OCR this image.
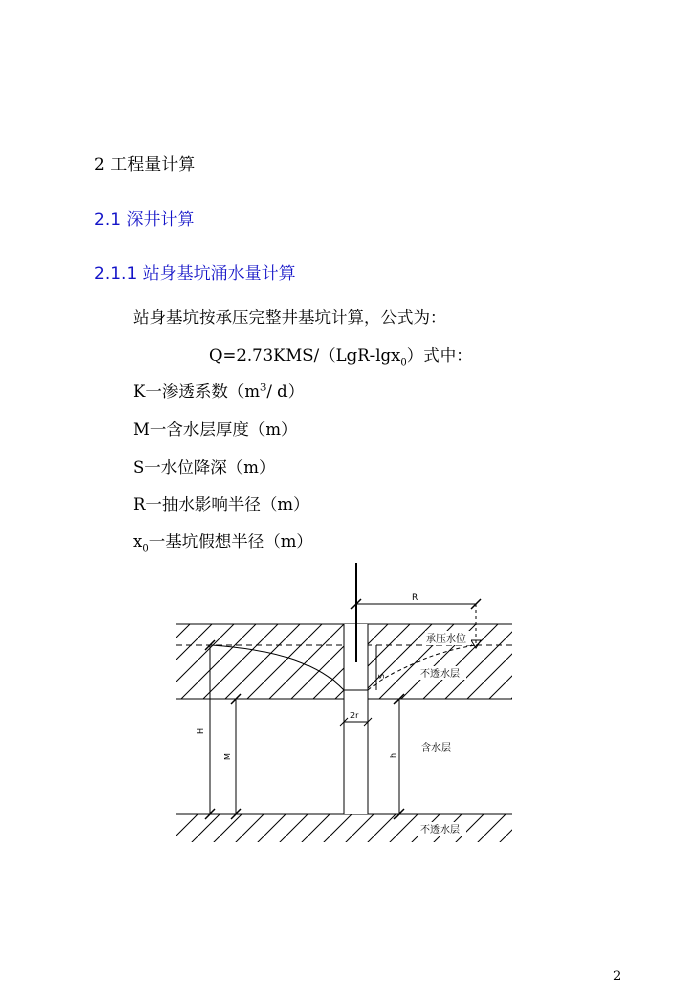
2 工程量计算
2.1 深井计算
2.1.1 站身基坑涌水量计算
站身基坑按承压完整井基坑计算，公式为：
Q=2.73KMS/（LgR-lgx$_0$）式中：
K一渗透系数（$m^3/$ d）
M一含水层厚度（m）
S一水位降深（m）
R一抽水影响半径（m）
$x_0$一基坑假想半径（m）
R
承压水位
不透水层
S
H
M	h
2r
含水层
不透水层
2
